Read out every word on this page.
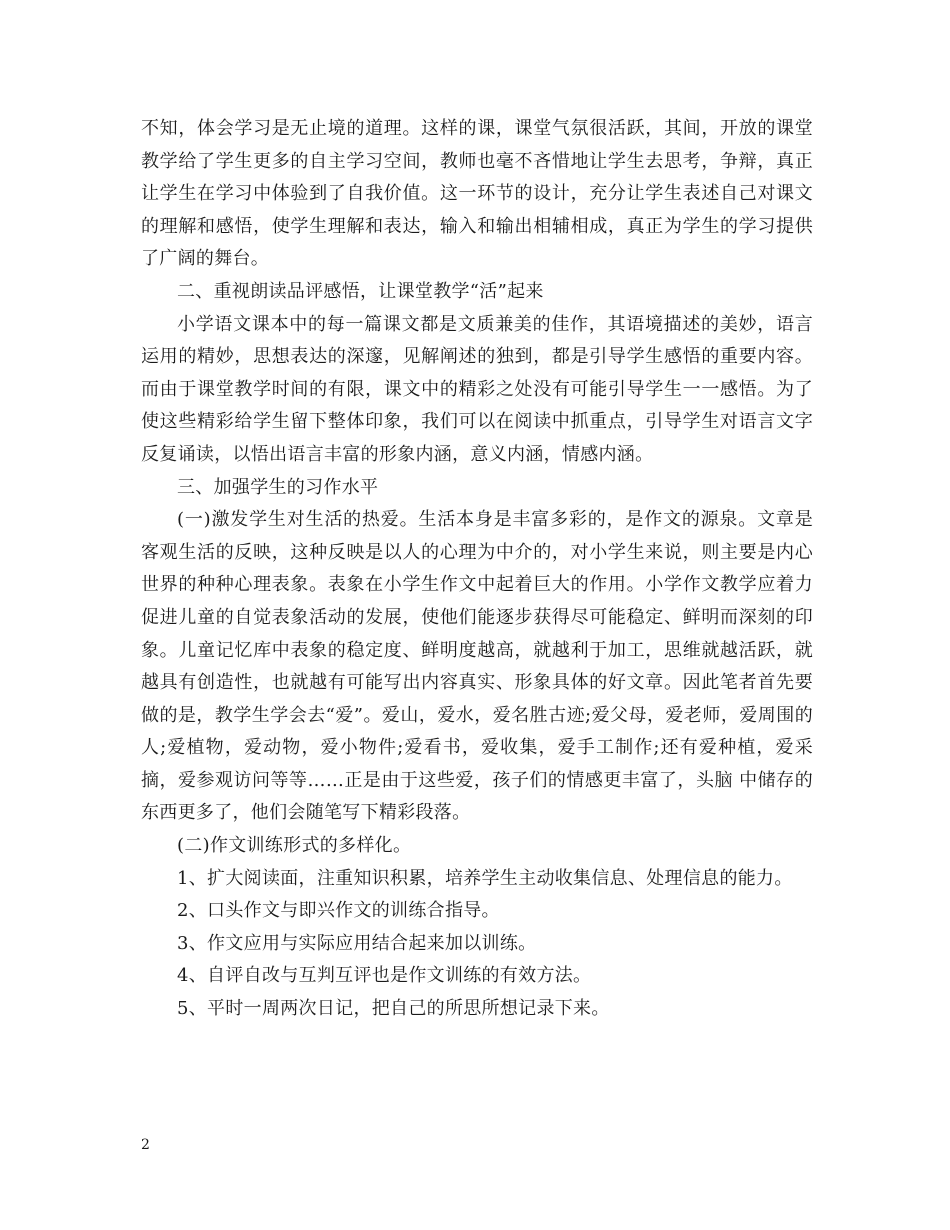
不知，体会学习是无止境的道理。这样的课，课堂气氛很活跃，其间，开放的课堂教学给了学生更多的自主学习空间，教师也毫不吝惜地让学生去思考，争辩，真正让学生在学习中体验到了自我价值。这一环节的设计，充分让学生表述自己对课文的理解和感悟，使学生理解和表达，输入和输出相辅相成，真正为学生的学习提供了广阔的舞台。

二、重视朗读品评感悟，让课堂教学“活”起来

小学语文课本中的每一篇课文都是文质兼美的佳作，其语境描述的美妙，语言运用的精妙，思想表达的深邃，见解阐述的独到，都是引导学生感悟的重要内容。而由于课堂教学时间的有限，课文中的精彩之处没有可能引导学生一一感悟。为了使这些精彩给学生留下整体印象，我们可以在阅读中抓重点，引导学生对语言文字反复诵读，以悟出语言丰富的形象内涵，意义内涵，情感内涵。

三、加强学生的习作水平

(一)激发学生对生活的热爱。生活本身是丰富多彩的，是作文的源泉。文章是客观生活的反映，这种反映是以人的心理为中介的，对小学生来说，则主要是内心世界的种种心理表象。表象在小学生作文中起着巨大的作用。小学作文教学应着力促进儿童的自觉表象活动的发展，使他们能逐步获得尽可能稳定、鲜明而深刻的印象。儿童记忆库中表象的稳定度、鲜明度越高，就越利于加工，思维就越活跃，就越具有创造性，也就越有可能写出内容真实、形象具体的好文章。因此笔者首先要做的是，教学生学会去“爱”。爱山，爱水，爱名胜古迹;爱父母，爱老师，爱周围的人;爱植物，爱动物，爱小物件;爱看书，爱收集，爱手工制作;还有爱种植，爱采摘，爱参观访问等等……正是由于这些爱，孩子们的情感更丰富了，头脑 中储存的东西更多了，他们会随笔写下精彩段落。

(二)作文训练形式的多样化。

1、扩大阅读面，注重知识积累，培养学生主动收集信息、处理信息的能力。

2、口头作文与即兴作文的训练合指导。

3、作文应用与实际应用结合起来加以训练。

4、自评自改与互判互评也是作文训练的有效方法。

5、平时一周两次日记，把自己的所思所想记录下来。

2
